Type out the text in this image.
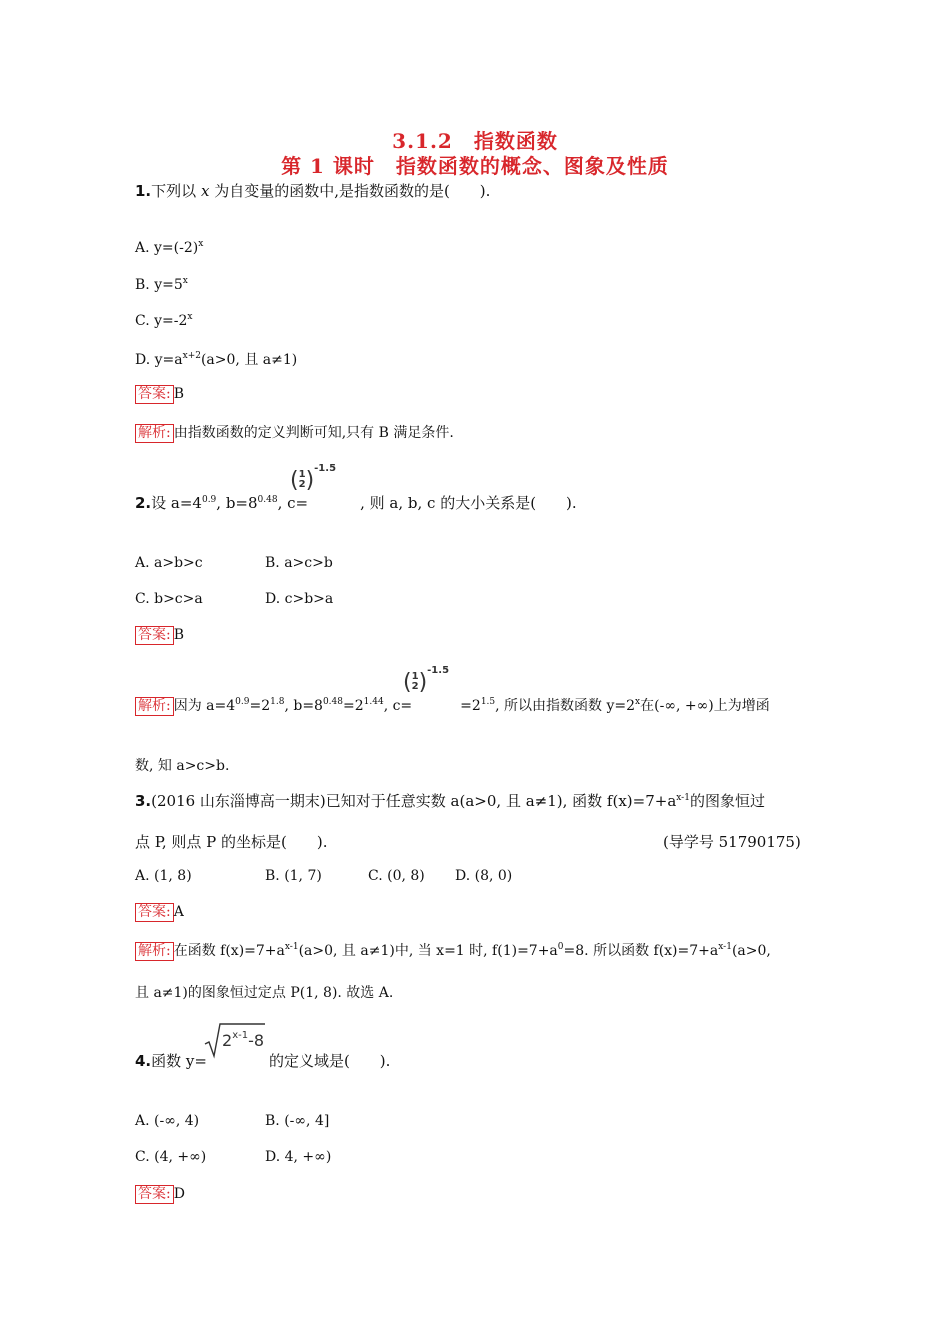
3.1.2　指数函数
第 1 课时　指数函数的概念、图象及性质
1.下列以 x 为自变量的函数中,是指数函数的是(　　).
A. $y=(-2)^x$
B. $y=5^x$
C. $y=-2^x$
D. $y=a^{x+2}(a>0$, 且 a≠1)
答案: B
解析: 由指数函数的定义判断可知,只有 B 满足条件.
2.设 $a=4^{0.9}$, $b=8^{0.48}$, c=	, 则 a, b, c 的大小关系是(　　).
(1
2)$^{-1.5}$
A. a>b>c	B. a>c>b
C. b>c>a	D. c>b>a
答案: B
解析: 因为 $a=4^{0.9}=2^{1.8}$, $b=8^{0.48}=2^{1.44}$, c=	$=2^{1.5}$, 所以由指数函数 $y=2^x$在(-∞, +∞)上为增函
(1
2)$^{-1.5}$
数, 知 a>c>b.
3.(2016 山东淄博高一期末)已知对于任意实数 a(a>0, 且 a≠1), 函数 $f(x)=7+a^{x-1}$的图象恒过
点 P, 则点 P 的坐标是(　　).	(导学号 51790175)
A. (1, 8)	B. (1, 7)	C. (0, 8) D. (8, 0)
答案: A
解析: 在函数 $f(x)=7+a^{x-1}(a>0$, 且 a≠1)中, 当 x=1 时, $f(1)=7+a^0=8$. 所以函数 $f(x)=7+a^{x-1}(a>0$,
且 a≠1)的图象恒过定点 P(1, 8). 故选 A.
4.函数 y=	的定义域是(　　).
2$^{x-1}$-8
A. (-∞, 4)	B. (-∞, 4]
C. (4, +∞)	D. 4, +∞)
答案: D
